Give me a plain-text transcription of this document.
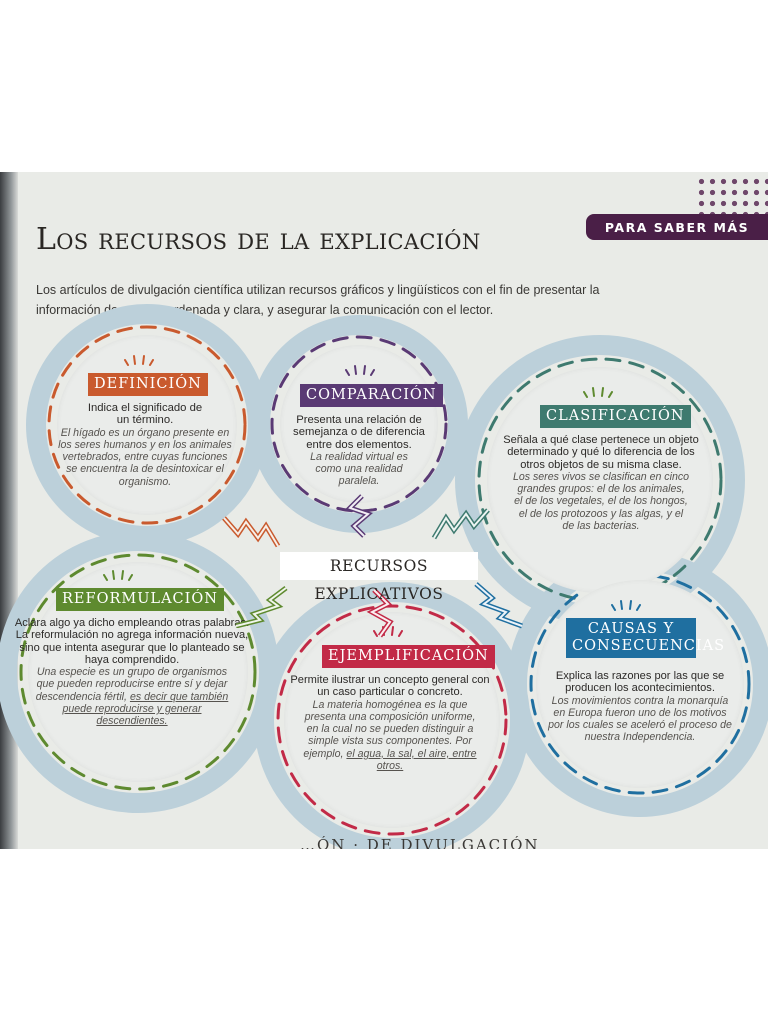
PARA SABER MÁS
Los recursos de la explicación

Los artículos de divulgación científica utilizan recursos gráficos y lingüísticos con el fin de presentar la información de manera ordenada y clara, y asegurar la comunicación con el lector.

DEFINICIÓN
Indica el significado de un término.
El hígado es un órgano presente en los seres humanos y en los animales vertebrados, entre cuyas funciones se encuentra la de desintoxicar el organismo.
COMPARACIÓN
Presenta una relación de semejanza o de diferencia entre dos elementos.
La realidad virtual es como una realidad paralela.
CLASIFICACIÓN
Señala a qué clase pertenece un objeto determinado y qué lo diferencia de los otros objetos de su misma clase.
Los seres vivos se clasifican en cinco grandes grupos: el de los animales, el de los vegetales, el de los hongos, el de los protozoos y las algas, y el de las bacterias.
REFORMULACIÓN
Aclara algo ya dicho empleando otras palabras. La reformulación no agrega información nueva, sino que intenta asegurar que lo planteado se haya comprendido.
Una especie es un grupo de organismos que pueden reproducirse entre sí y dejar descendencia fértil, es decir que también puede reproducirse y generar descendientes.
EJEMPLIFICACIÓN
Permite ilustrar un concepto general con un caso particular o concreto.
La materia homogénea es la que presenta una composición uniforme, en la cual no se pueden distinguir a simple vista sus componentes. Por ejemplo, el agua, la sal, el aire, entre otros.
CAUSAS Y CONSECUENCIAS
Explica las razones por las que se producen los acontecimientos.
Los movimientos contra la monarquía en Europa fueron uno de los motivos por los cuales se aceleró el proceso de nuestra Independencia.
RECURSOS EXPLICATIVOS
…ÓN · DE DIVULGACIÓN
